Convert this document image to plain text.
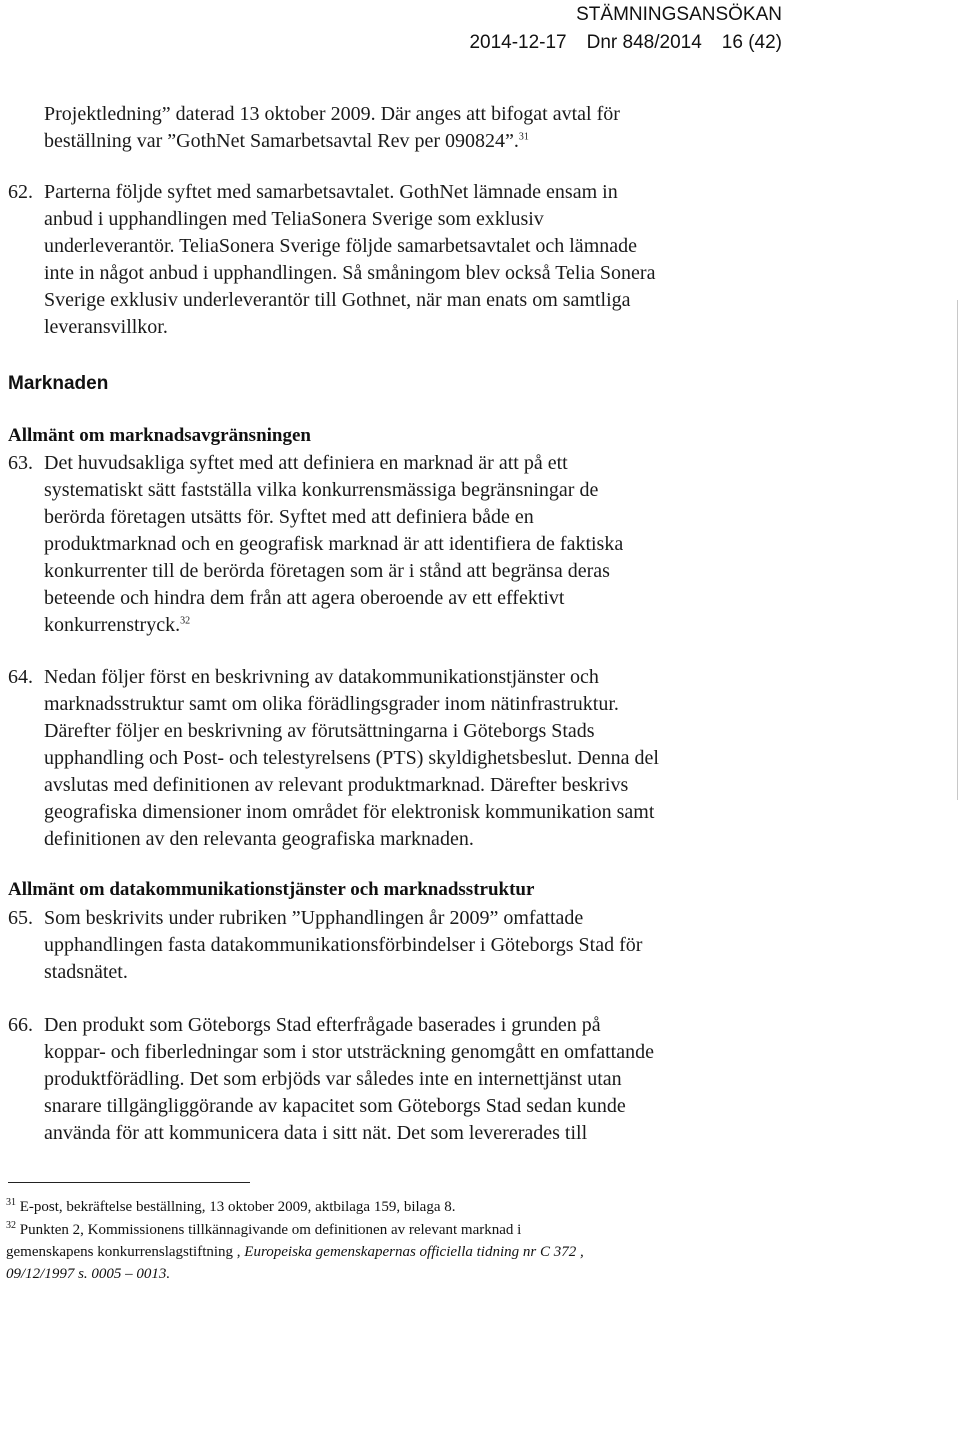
STÄMNINGSANSÖKAN
2014-12-17 Dnr 848/2014 16 (42)
Projektledning” daterad 13 oktober 2009. Där anges att bifogat avtal för
beställning var ”GothNet Samarbetsavtal Rev per 090824”.$^{31}$
62. Parterna följde syftet med samarbetsavtalet. GothNet lämnade ensam in
anbud i upphandlingen med TeliaSonera Sverige som exklusiv
underleverantör. TeliaSonera Sverige följde samarbetsavtalet och lämnade
inte in något anbud i upphandlingen. Så småningom blev också Telia Sonera
Sverige exklusiv underleverantör till Gothnet, när man enats om samtliga
leveransvillkor.
Marknaden
Allmänt om marknadsavgränsningen
63. Det huvudsakliga syftet med att definiera en marknad är att på ett
systematiskt sätt fastställa vilka konkurrensmässiga begränsningar de
berörda företagen utsätts för. Syftet med att definiera både en
produktmarknad och en geografisk marknad är att identifiera de faktiska
konkurrenter till de berörda företagen som är i stånd att begränsa deras
beteende och hindra dem från att agera oberoende av ett effektivt
konkurrenstryck.$^{32}$
64. Nedan följer först en beskrivning av datakommunikationstjänster och
marknadsstruktur samt om olika förädlingsgrader inom nätinfrastruktur.
Därefter följer en beskrivning av förutsättningarna i Göteborgs Stads
upphandling och Post- och telestyrelsens (PTS) skyldighetsbeslut. Denna del
avslutas med definitionen av relevant produktmarknad. Därefter beskrivs
geografiska dimensioner inom området för elektronisk kommunikation samt
definitionen av den relevanta geografiska marknaden.
Allmänt om datakommunikationstjänster och marknadsstruktur
65. Som beskrivits under rubriken ”Upphandlingen år 2009” omfattade
upphandlingen fasta datakommunikationsförbindelser i Göteborgs Stad för
stadsnätet.
66. Den produkt som Göteborgs Stad efterfrågade baserades i grunden på
koppar- och fiberledningar som i stor utsträckning genomgått en omfattande
produktförädling. Det som erbjöds var således inte en internettjänst utan
snarare tillgängliggörande av kapacitet som Göteborgs Stad sedan kunde
använda för att kommunicera data i sitt nät. Det som levererades till
$^{31}$ E-post, bekräftelse beställning, 13 oktober 2009, aktbilaga 159, bilaga 8.
$^{32}$ Punkten 2, Kommissionens tillkännagivande om definitionen av relevant marknad i
gemenskapens konkurrenslagstiftning , Europeiska gemenskapernas officiella tidning nr C 372 ,
09/12/1997 s. 0005 – 0013.
